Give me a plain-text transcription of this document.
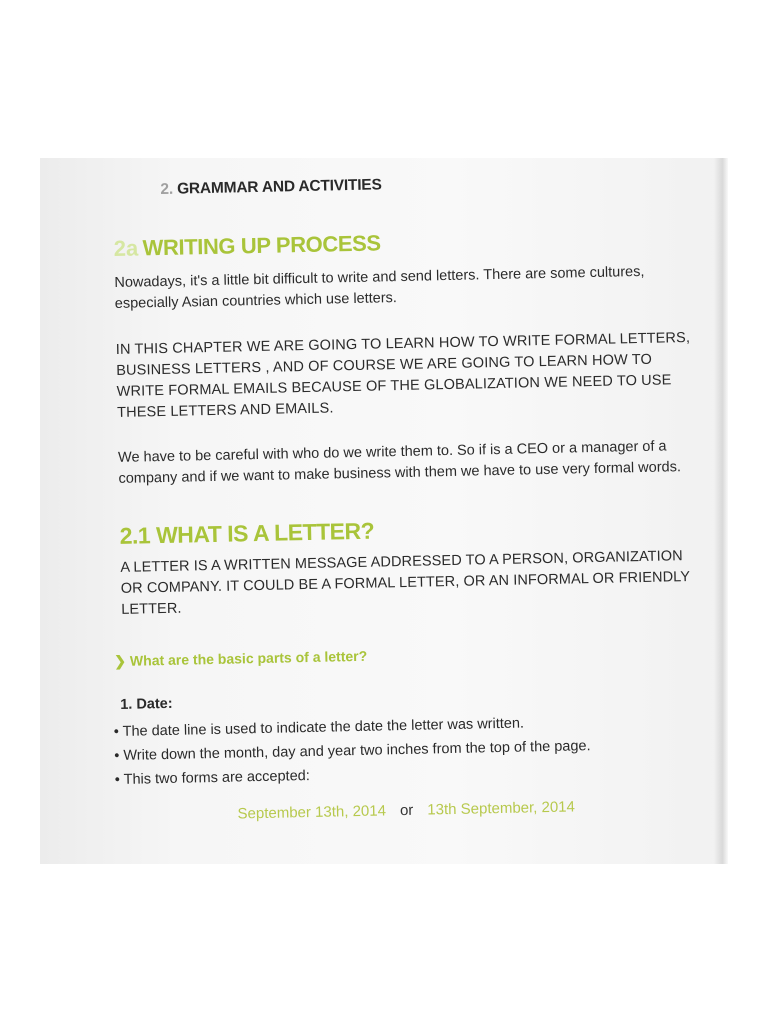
2. GRAMMAR AND ACTIVITIES
2a WRITING UP PROCESS
Nowadays, it's a little bit difficult to write and send letters. There are some cultures, especially Asian countries which use letters.
IN THIS CHAPTER WE ARE GOING TO LEARN HOW TO WRITE FORMAL LETTERS, BUSINESS LETTERS , AND OF COURSE WE ARE GOING TO LEARN HOW TO WRITE FORMAL EMAILS BECAUSE OF THE GLOBALIZATION WE NEED TO USE THESE LETTERS AND EMAILS.
We have to be careful with who do we write them to. So if is a CEO or a manager of a company and if we want to make business with them we have to use very formal words.
2.1 WHAT IS A LETTER?
A LETTER IS A WRITTEN MESSAGE ADDRESSED TO A PERSON, ORGANIZATION OR COMPANY. IT COULD BE A FORMAL LETTER, OR AN INFORMAL OR FRIENDLY LETTER.
❯ What are the basic parts of a letter?
1. Date:
• The date line is used to indicate the date the letter was written.
• Write down the month, day and year two inches from the top of the page.
• This two forms are accepted:
September 13th, 2014 or 13th September, 2014
